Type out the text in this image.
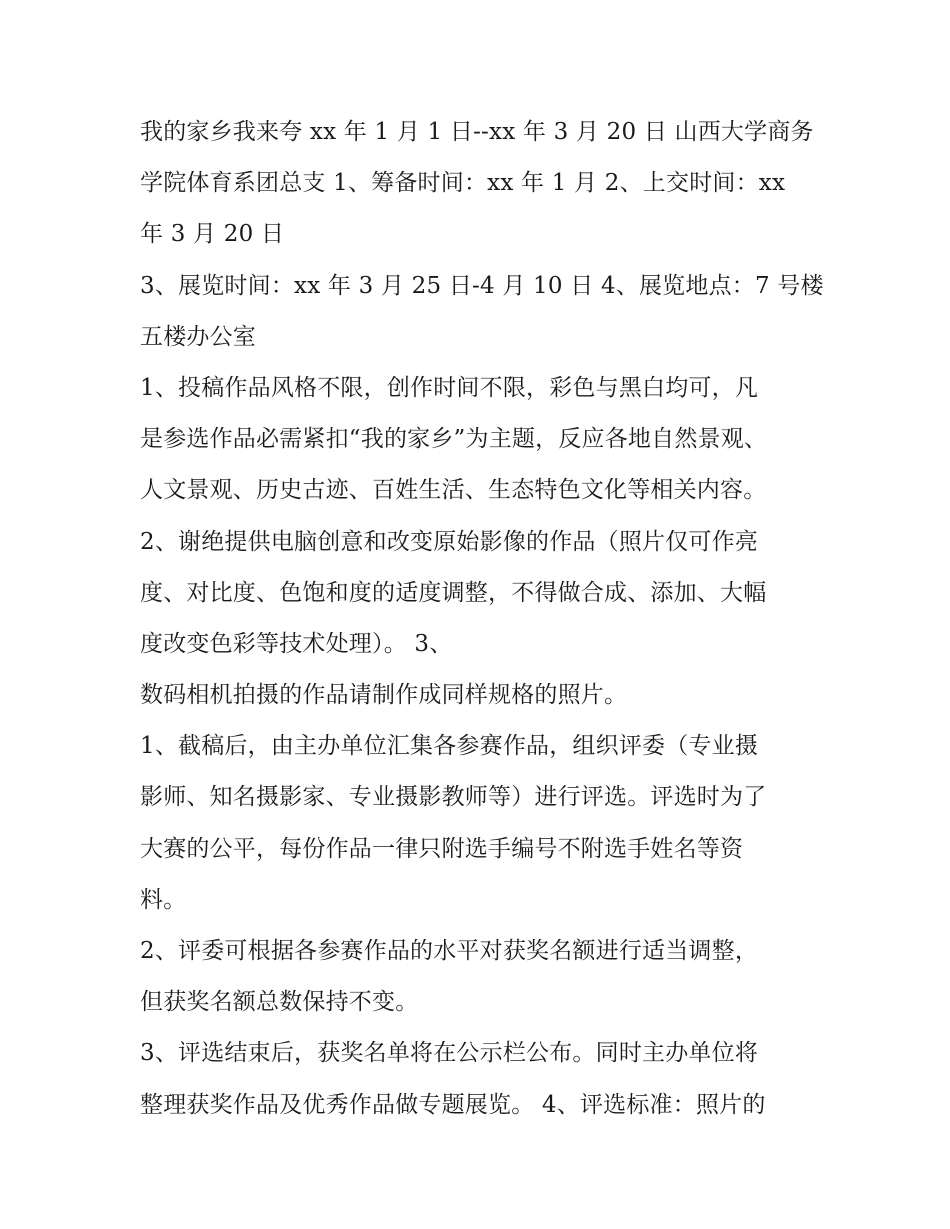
我的家乡我来夸 xx 年 1 月 1 日--xx 年 3 月 20 日 山西大学商务
学院体育系团总支 1、筹备时间：xx 年 1 月 2、上交时间：xx
年 3 月 20 日
3、展览时间：xx 年 3 月 25 日-4 月 10 日 4、展览地点：7 号楼
五楼办公室
1、投稿作品风格不限，创作时间不限，彩色与黑白均可，凡
是参选作品必需紧扣“我的家乡”为主题，反应各地自然景观、
人文景观、历史古迹、百姓生活、生态特色文化等相关内容。
2、谢绝提供电脑创意和改变原始影像的作品（照片仅可作亮
度、对比度、色饱和度的适度调整，不得做合成、添加、大幅
度改变色彩等技术处理）。 3、
数码相机拍摄的作品请制作成同样规格的照片。
1、截稿后，由主办单位汇集各参赛作品，组织评委（专业摄
影师、知名摄影家、专业摄影教师等）进行评选。评选时为了
大赛的公平，每份作品一律只附选手编号不附选手姓名等资
料。
2、评委可根据各参赛作品的水平对获奖名额进行适当调整，
但获奖名额总数保持不变。
3、评选结束后，获奖名单将在公示栏公布。同时主办单位将
整理获奖作品及优秀作品做专题展览。 4、评选标准：照片的
